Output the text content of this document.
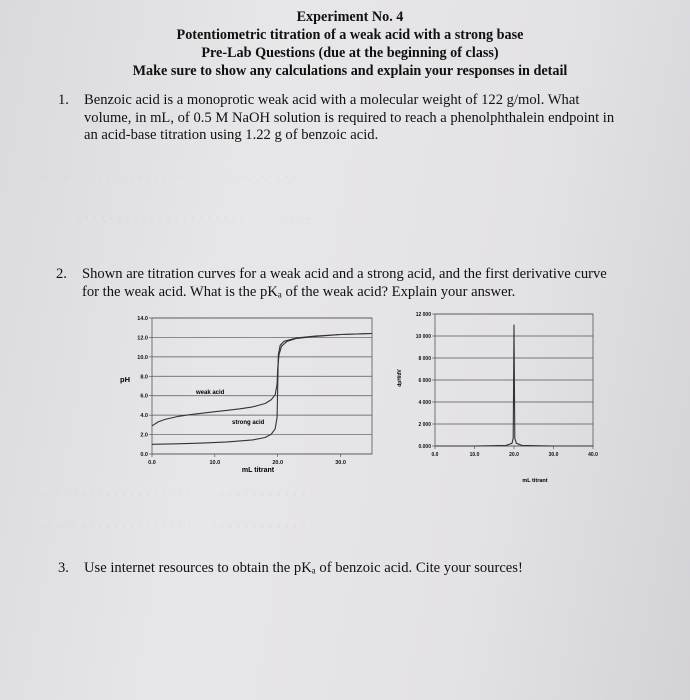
Experiment No. 4
Potentiometric titration of a weak acid with a strong base
Pre-Lab Questions (due at the beginning of class)
Make sure to show any calculations and explain your responses in detail
1. Benzoic acid is a monoprotic weak acid with a molecular weight of 122 g/mol. What
volume, in mL, of 0.5 M NaOH solution is required to reach a phenolphthalein endpoint in
an acid-base titration using 1.22 g of benzoic acid.
· · · · · · · · · · · · · · · · · · · · · · · · · · · · · · · ·
· · · · · · · · · · · · · · · · · · · · · · · · · · · · · · ·
2. Shown are titration curves for a weak acid and a strong acid, and the first derivative curve
for the weak acid. What is the pKₐ of the weak acid? Explain your answer.
14.0
12.0
10.0
8.0
6.0
4.0
2.0
0.0
0.0	10.0	20.0	30.0
pH
mL titrant
weak acid
strong acid
12 000
10 000
8 000
6 000
4 000
2 000
0.000
0.0	10.0	20.0	30.0	40.0
dpH/dV
mL titrant
· · · · · · · · · · · · · · · · · · · · · · · · · · · · · · · · · ·
· · · · · · · · · · · · · · · · · · · · · · · · · · · · · · · · · ·
3. Use internet resources to obtain the pKₐ of benzoic acid. Cite your sources!
